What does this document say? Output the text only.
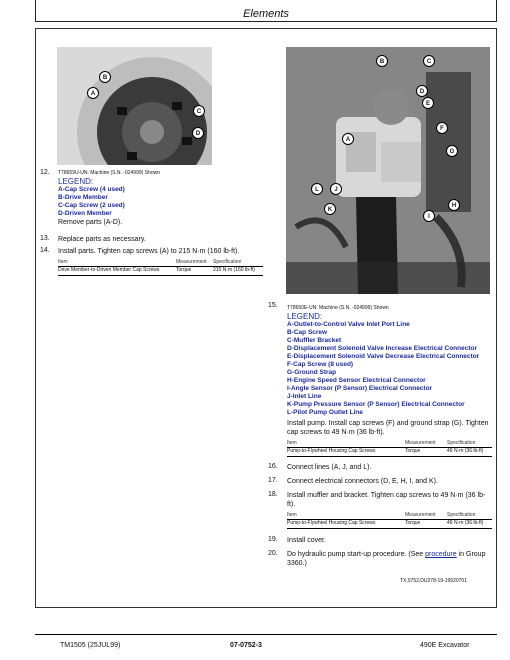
Elements
B
A
C
D
T78659U-UN: Machine (S.N. -024999) Shown
12.
LEGEND:
A-Cap Screw (4 used)
B-Drive Member
C-Cap Screw (2 used)
D-Driven Member
Remove parts (A-D).
13. Replace parts as necessary.
14. Install parts. Tighten cap screws (A) to 215 N·m (160 lb-ft).
Item	Measurement Specification
Drive Member-to-Driven Member Cap Screws	Torque	215 N·m (160 lb-ft)
B	C
D
E
F
G
A
L	J
K
I
H
15. T78650E-UN: Machine (S.N. -024999) Shown
LEGEND:
A-Outlet-to-Control Valve Inlet Port Line
B-Cap Screw
C-Muffler Bracket
D-Displacement Solenoid Valve Increase Electrical Connector
E-Displacement Solenoid Valve Decrease Electrical Connector
F-Cap Screw (8 used)
G-Ground Strap
H-Engine Speed Sensor Electrical Connector
I-Angle Sensor (P Sensor) Electrical Connector
J-Inlet Line
K-Pump Pressure Sensor (P Sensor) Electrical Connector
L-Pilot Pump Outlet Line
Install pump. Install cap screws (F) and ground strap (G). Tighten cap screws to 49 N·m (36 lb-ft).
Item	Measurement Specification
Pump-to-Flywheel Housing Cap Screws	Torque	49 N·m (36 lb-ft)
16. Connect lines (A, J, and L).
17. Connect electrical connectors (D, E, H, I, and K).
18. Install muffler and bracket. Tighten cap screws to 49 N·m (36 lb-ft).
Item	Measurement Specification
Pump-to-Flywheel Housing Cap Screws	Torque	49 N·m (36 lb-ft)
19. Install cover.
20. Do hydraulic pump start-up procedure. (See procedure in Group 3360.)
TX,0752,DU278-19-19920701
TM1505 (25JUL99)	07-0752-3	490E Excavator
